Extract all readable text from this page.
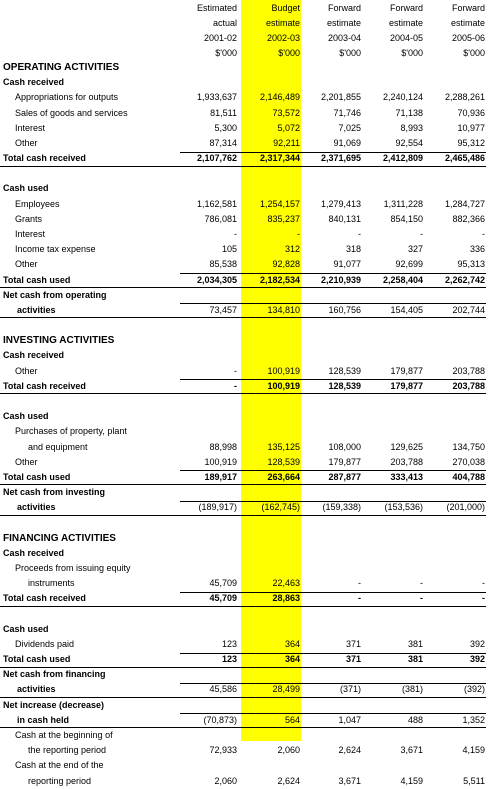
Estimated	Budget	Forward	Forward	Forward
actual	estimate	estimate	estimate	estimate
2001-02	2002-03	2003-04	2004-05	2005-06
$'000	$'000	$'000	$'000	$'000
OPERATING ACTIVITIES
Cash received
Appropriations for outputs	1,933,637	2,146,489	2,201,855	2,240,124	2,288,261
Sales of goods and services	81,511	73,572	71,746	71,138	70,936
Interest	5,300	5,072	7,025	8,993	10,977
Other	87,314	92,211	91,069	92,554	95,312
Total cash received	2,107,762	2,317,344	2,371,695	2,412,809	2,465,486
Cash used
Employees	1,162,581	1,254,157	1,279,413	1,311,228	1,284,727
Grants	786,081	835,237	840,131	854,150	882,366
Interest	-	-	-	-	-
Income tax expense	105	312	318	327	336
Other	85,538	92,828	91,077	92,699	95,313
Total cash used	2,034,305	2,182,534	2,210,939	2,258,404	2,262,742
Net cash from operating
activities	73,457	134,810	160,756	154,405	202,744
INVESTING ACTIVITIES
Cash received
Other	-	100,919	128,539	179,877	203,788
Total cash received	-	100,919	128,539	179,877	203,788
Cash used
Purchases of property, plant
and equipment	88,998	135,125	108,000	129,625	134,750
Other	100,919	128,539	179,877	203,788	270,038
Total cash used	189,917	263,664	287,877	333,413	404,788
Net cash from investing
activities	(189,917)	(162,745)	(159,338)	(153,536)	(201,000)
FINANCING ACTIVITIES
Cash received
Proceeds from issuing equity
instruments	45,709	22,463	-	-	-
Total cash received	45,709	28,863	-	-	-
Cash used
Dividends paid	123	364	371	381	392
Total cash used	123	364	371	381	392
Net cash from financing
activities	45,586	28,499	(371)	(381)	(392)
Net increase (decrease)
in cash held	(70,873)	564	1,047	488	1,352
Cash at the beginning of
the reporting period	72,933	2,060	2,624	3,671	4,159
Cash at the end of the
reporting period	2,060	2,624	3,671	4,159	5,511
